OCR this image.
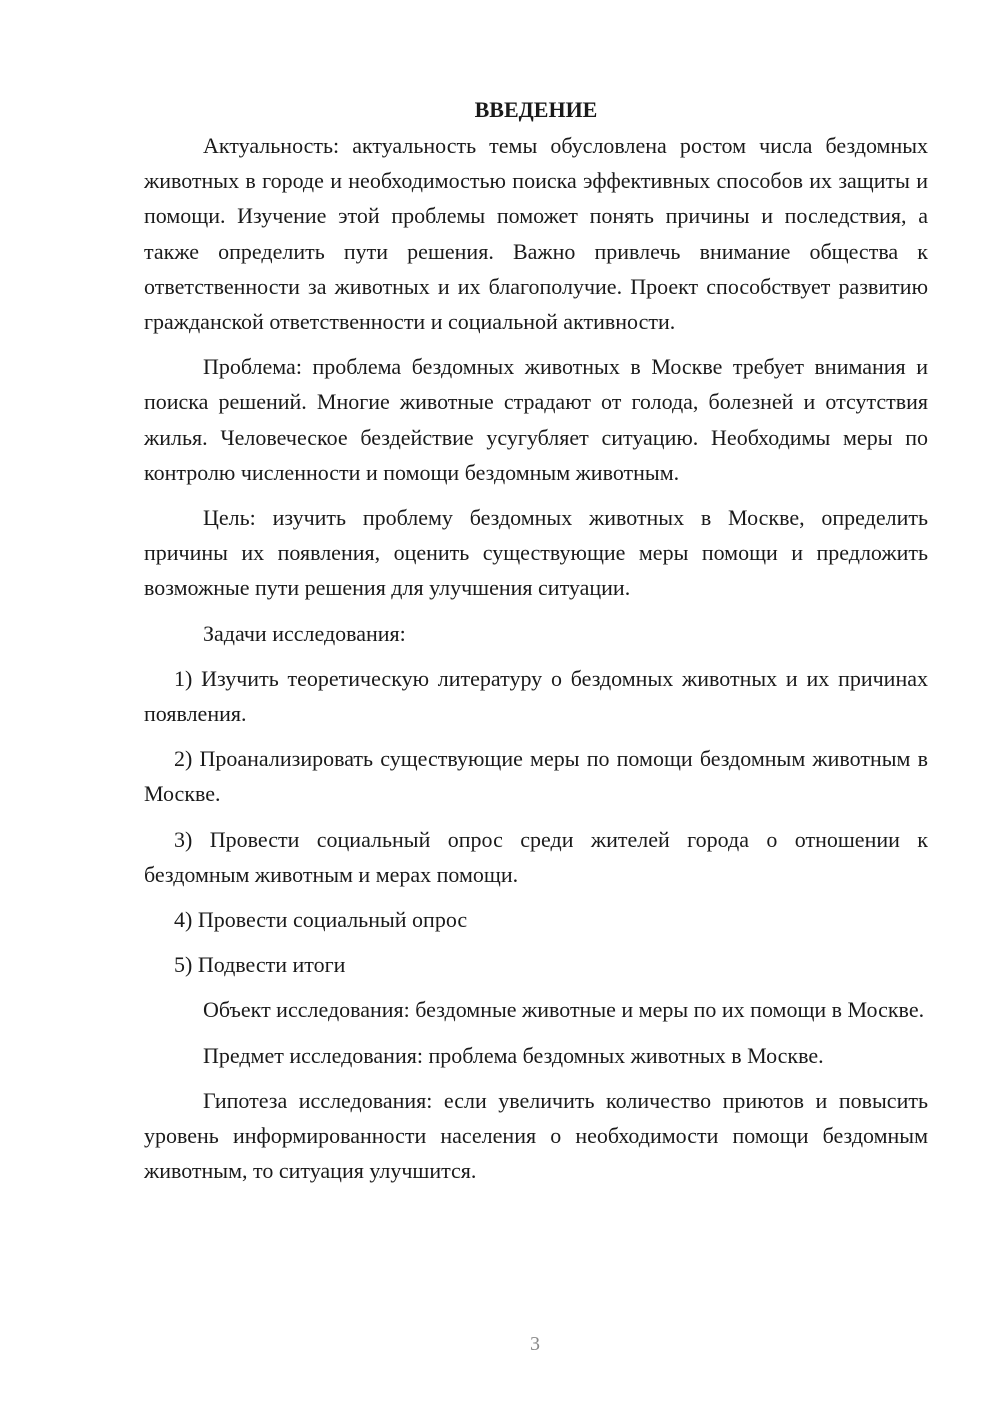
ВВЕДЕНИЕ

Актуальность: актуальность темы обусловлена ростом числа бездомных животных в городе и необходимостью поиска эффективных способов их защиты и помощи. Изучение этой проблемы поможет понять причины и последствия, а также определить пути решения. Важно привлечь внимание общества к ответственности за животных и их благополучие. Проект способствует развитию гражданской ответственности и социальной активности.

Проблема: проблема бездомных животных в Москве требует внимания и поиска решений. Многие животные страдают от голода, болезней и отсутствия жилья. Человеческое бездействие усугубляет ситуацию. Необходимы меры по контролю численности и помощи бездомным животным.

Цель: изучить проблему бездомных животных в Москве, определить причины их появления, оценить существующие меры помощи и предложить возможные пути решения для улучшения ситуации.

Задачи исследования:

1) Изучить теоретическую литературу о бездомных животных и их причинах появления.

2) Проанализировать существующие меры по помощи бездомным животным в Москве.

3) Провести социальный опрос среди жителей города о отношении к бездомным животным и мерах помощи.

4) Провести социальный опрос

5) Подвести итоги

Объект исследования: бездомные животные и меры по их помощи в Москве.

Предмет исследования: проблема бездомных животных в Москве.

Гипотеза исследования: если увеличить количество приютов и повысить уровень информированности населения о необходимости помощи бездомным животным, то ситуация улучшится.

3
